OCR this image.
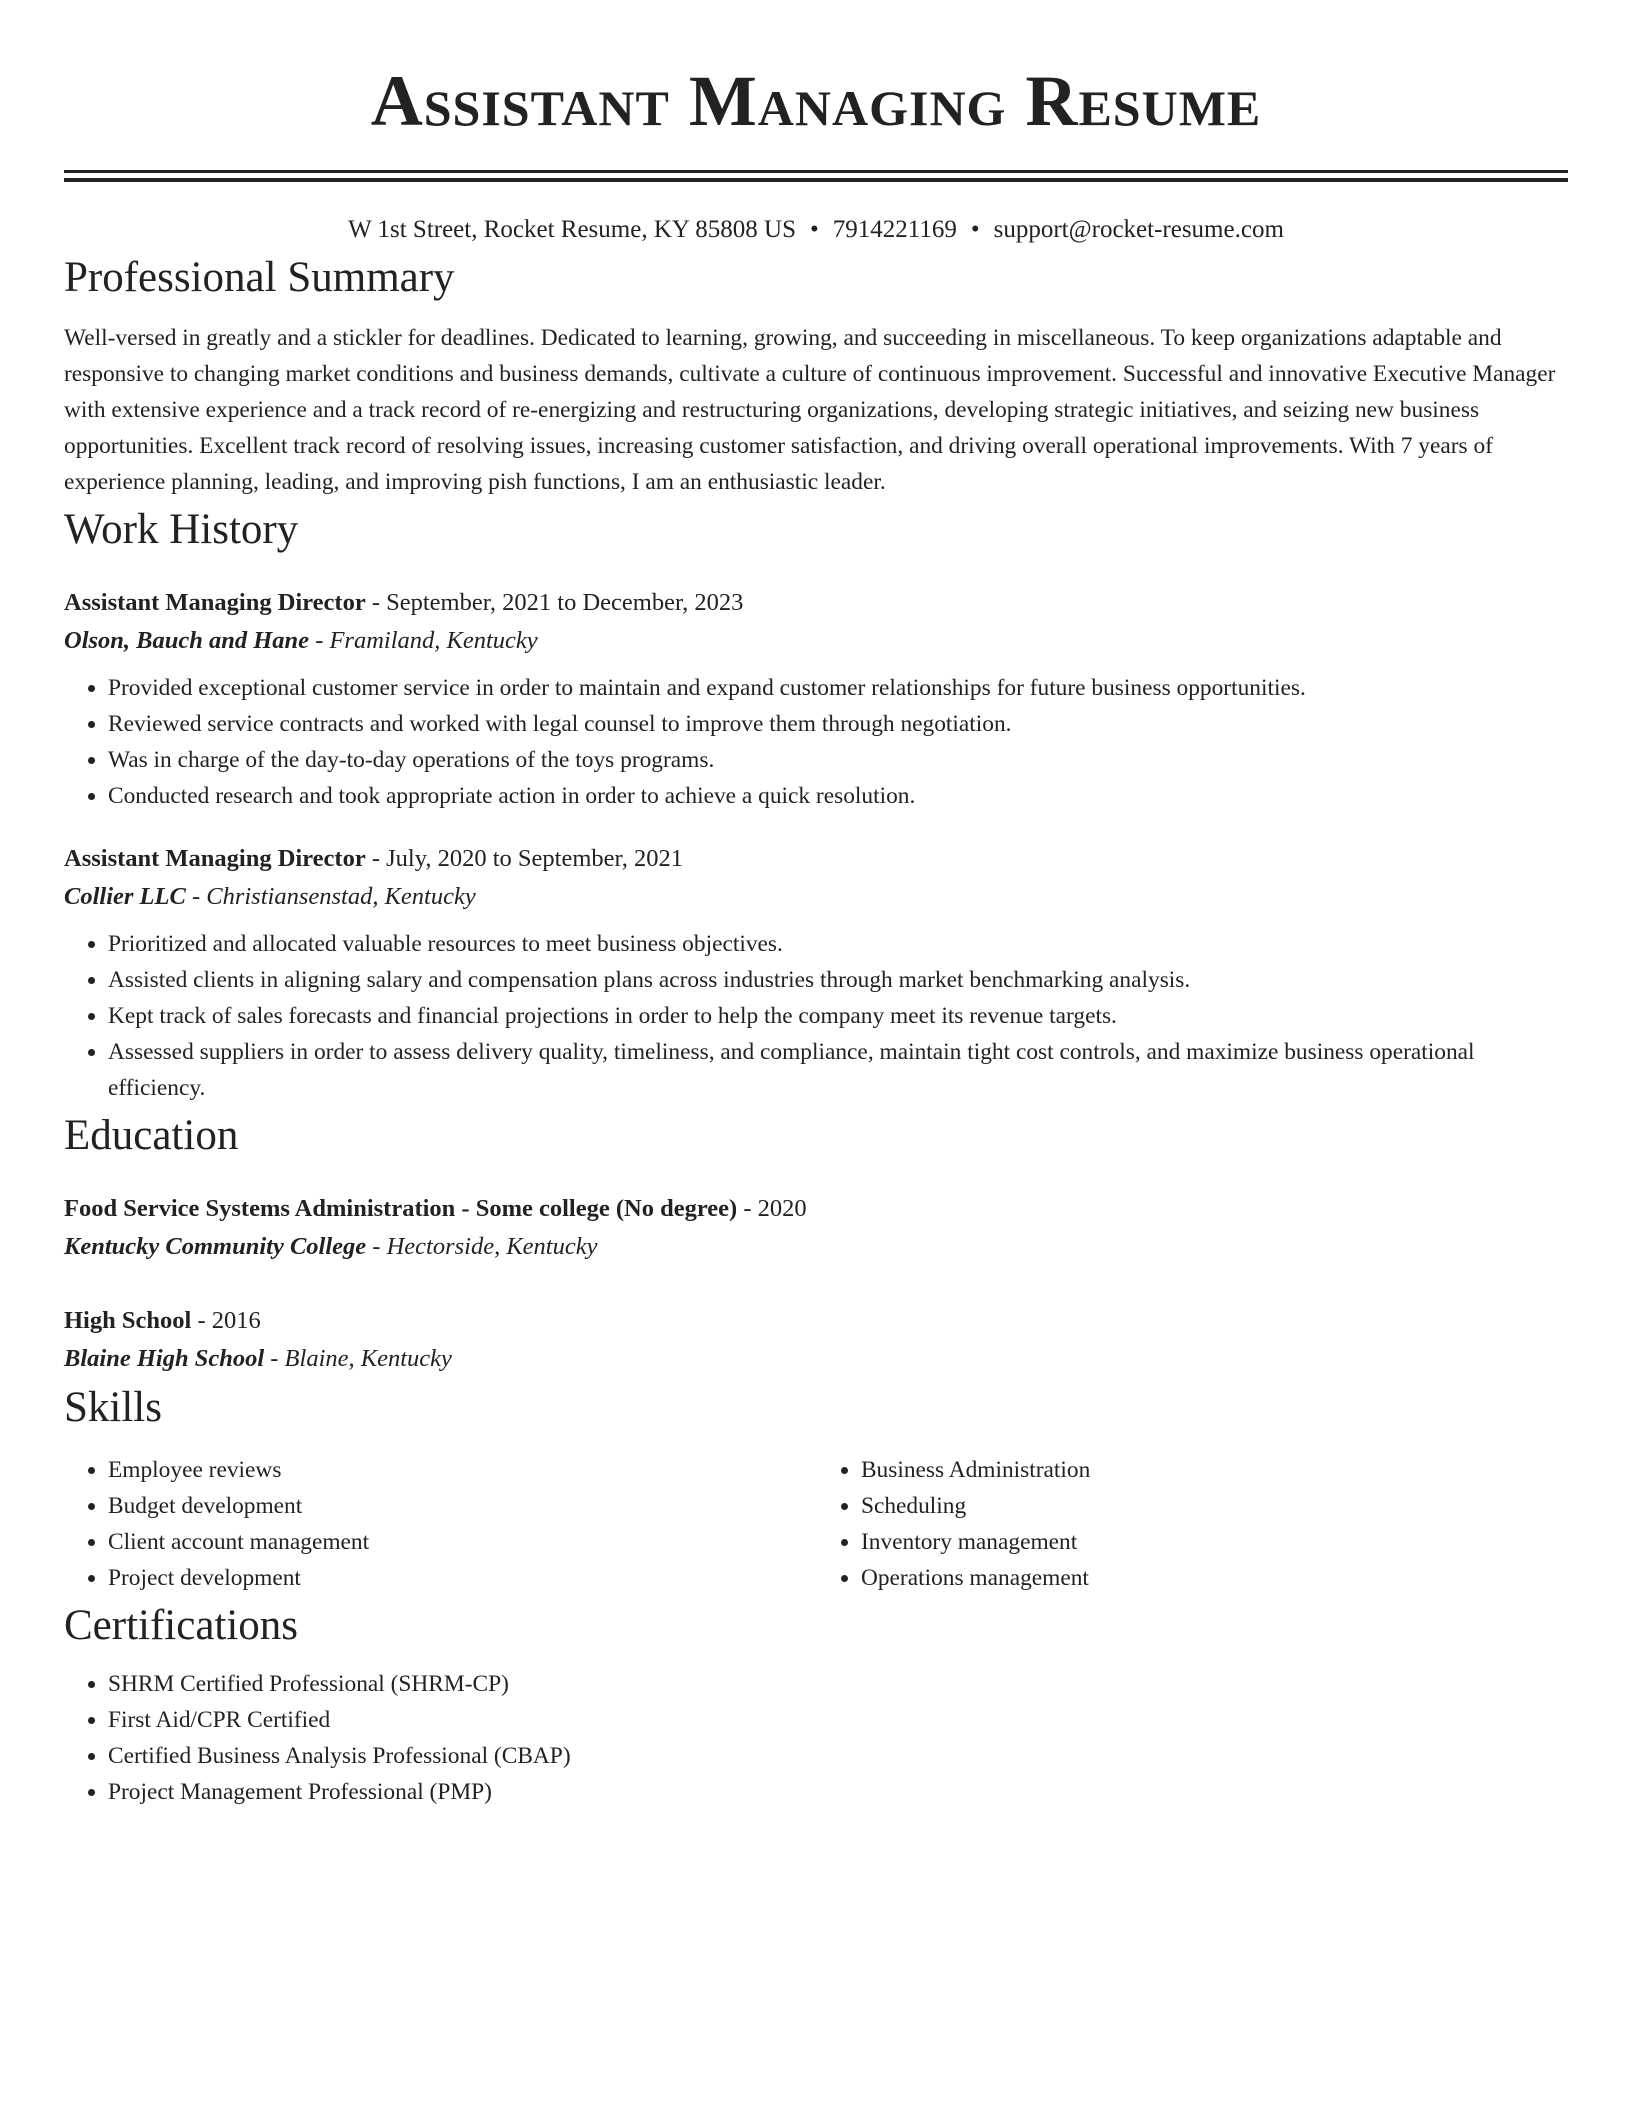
Assistant Managing Resume
W 1st Street, Rocket Resume, KY 85808 US • 7914221169 • support@rocket-resume.com
Professional Summary

Well-versed in greatly and a stickler for deadlines. Dedicated to learning, growing, and succeeding in miscellaneous. To keep organizations adaptable and responsive to changing market conditions and business demands, cultivate a culture of continuous improvement. Successful and innovative Executive Manager with extensive experience and a track record of re-energizing and restructuring organizations, developing strategic initiatives, and seizing new business opportunities. Excellent track record of resolving issues, increasing customer satisfaction, and driving overall operational improvements. With 7 years of experience planning, leading, and improving pish functions, I am an enthusiastic leader.

Work History
Assistant Managing Director - September, 2021 to December, 2023
Olson, Bauch and Hane - Framiland, Kentucky
• Provided exceptional customer service in order to maintain and expand customer relationships for future business opportunities.
• Reviewed service contracts and worked with legal counsel to improve them through negotiation.
• Was in charge of the day-to-day operations of the toys programs.
• Conducted research and took appropriate action in order to achieve a quick resolution.
Assistant Managing Director - July, 2020 to September, 2021
Collier LLC - Christiansenstad, Kentucky
• Prioritized and allocated valuable resources to meet business objectives.
• Assisted clients in aligning salary and compensation plans across industries through market benchmarking analysis.
• Kept track of sales forecasts and financial projections in order to help the company meet its revenue targets.
• Assessed suppliers in order to assess delivery quality, timeliness, and compliance, maintain tight cost controls, and maximize business operational efficiency.
Education
Food Service Systems Administration - Some college (No degree) - 2020
Kentucky Community College - Hectorside, Kentucky
High School - 2016
Blaine High School - Blaine, Kentucky
Skills
• Employee reviews
• Budget development
• Client account management
• Project development
• Business Administration
• Scheduling
• Inventory management
• Operations management
Certifications
• SHRM Certified Professional (SHRM-CP)
• First Aid/CPR Certified
• Certified Business Analysis Professional (CBAP)
• Project Management Professional (PMP)
